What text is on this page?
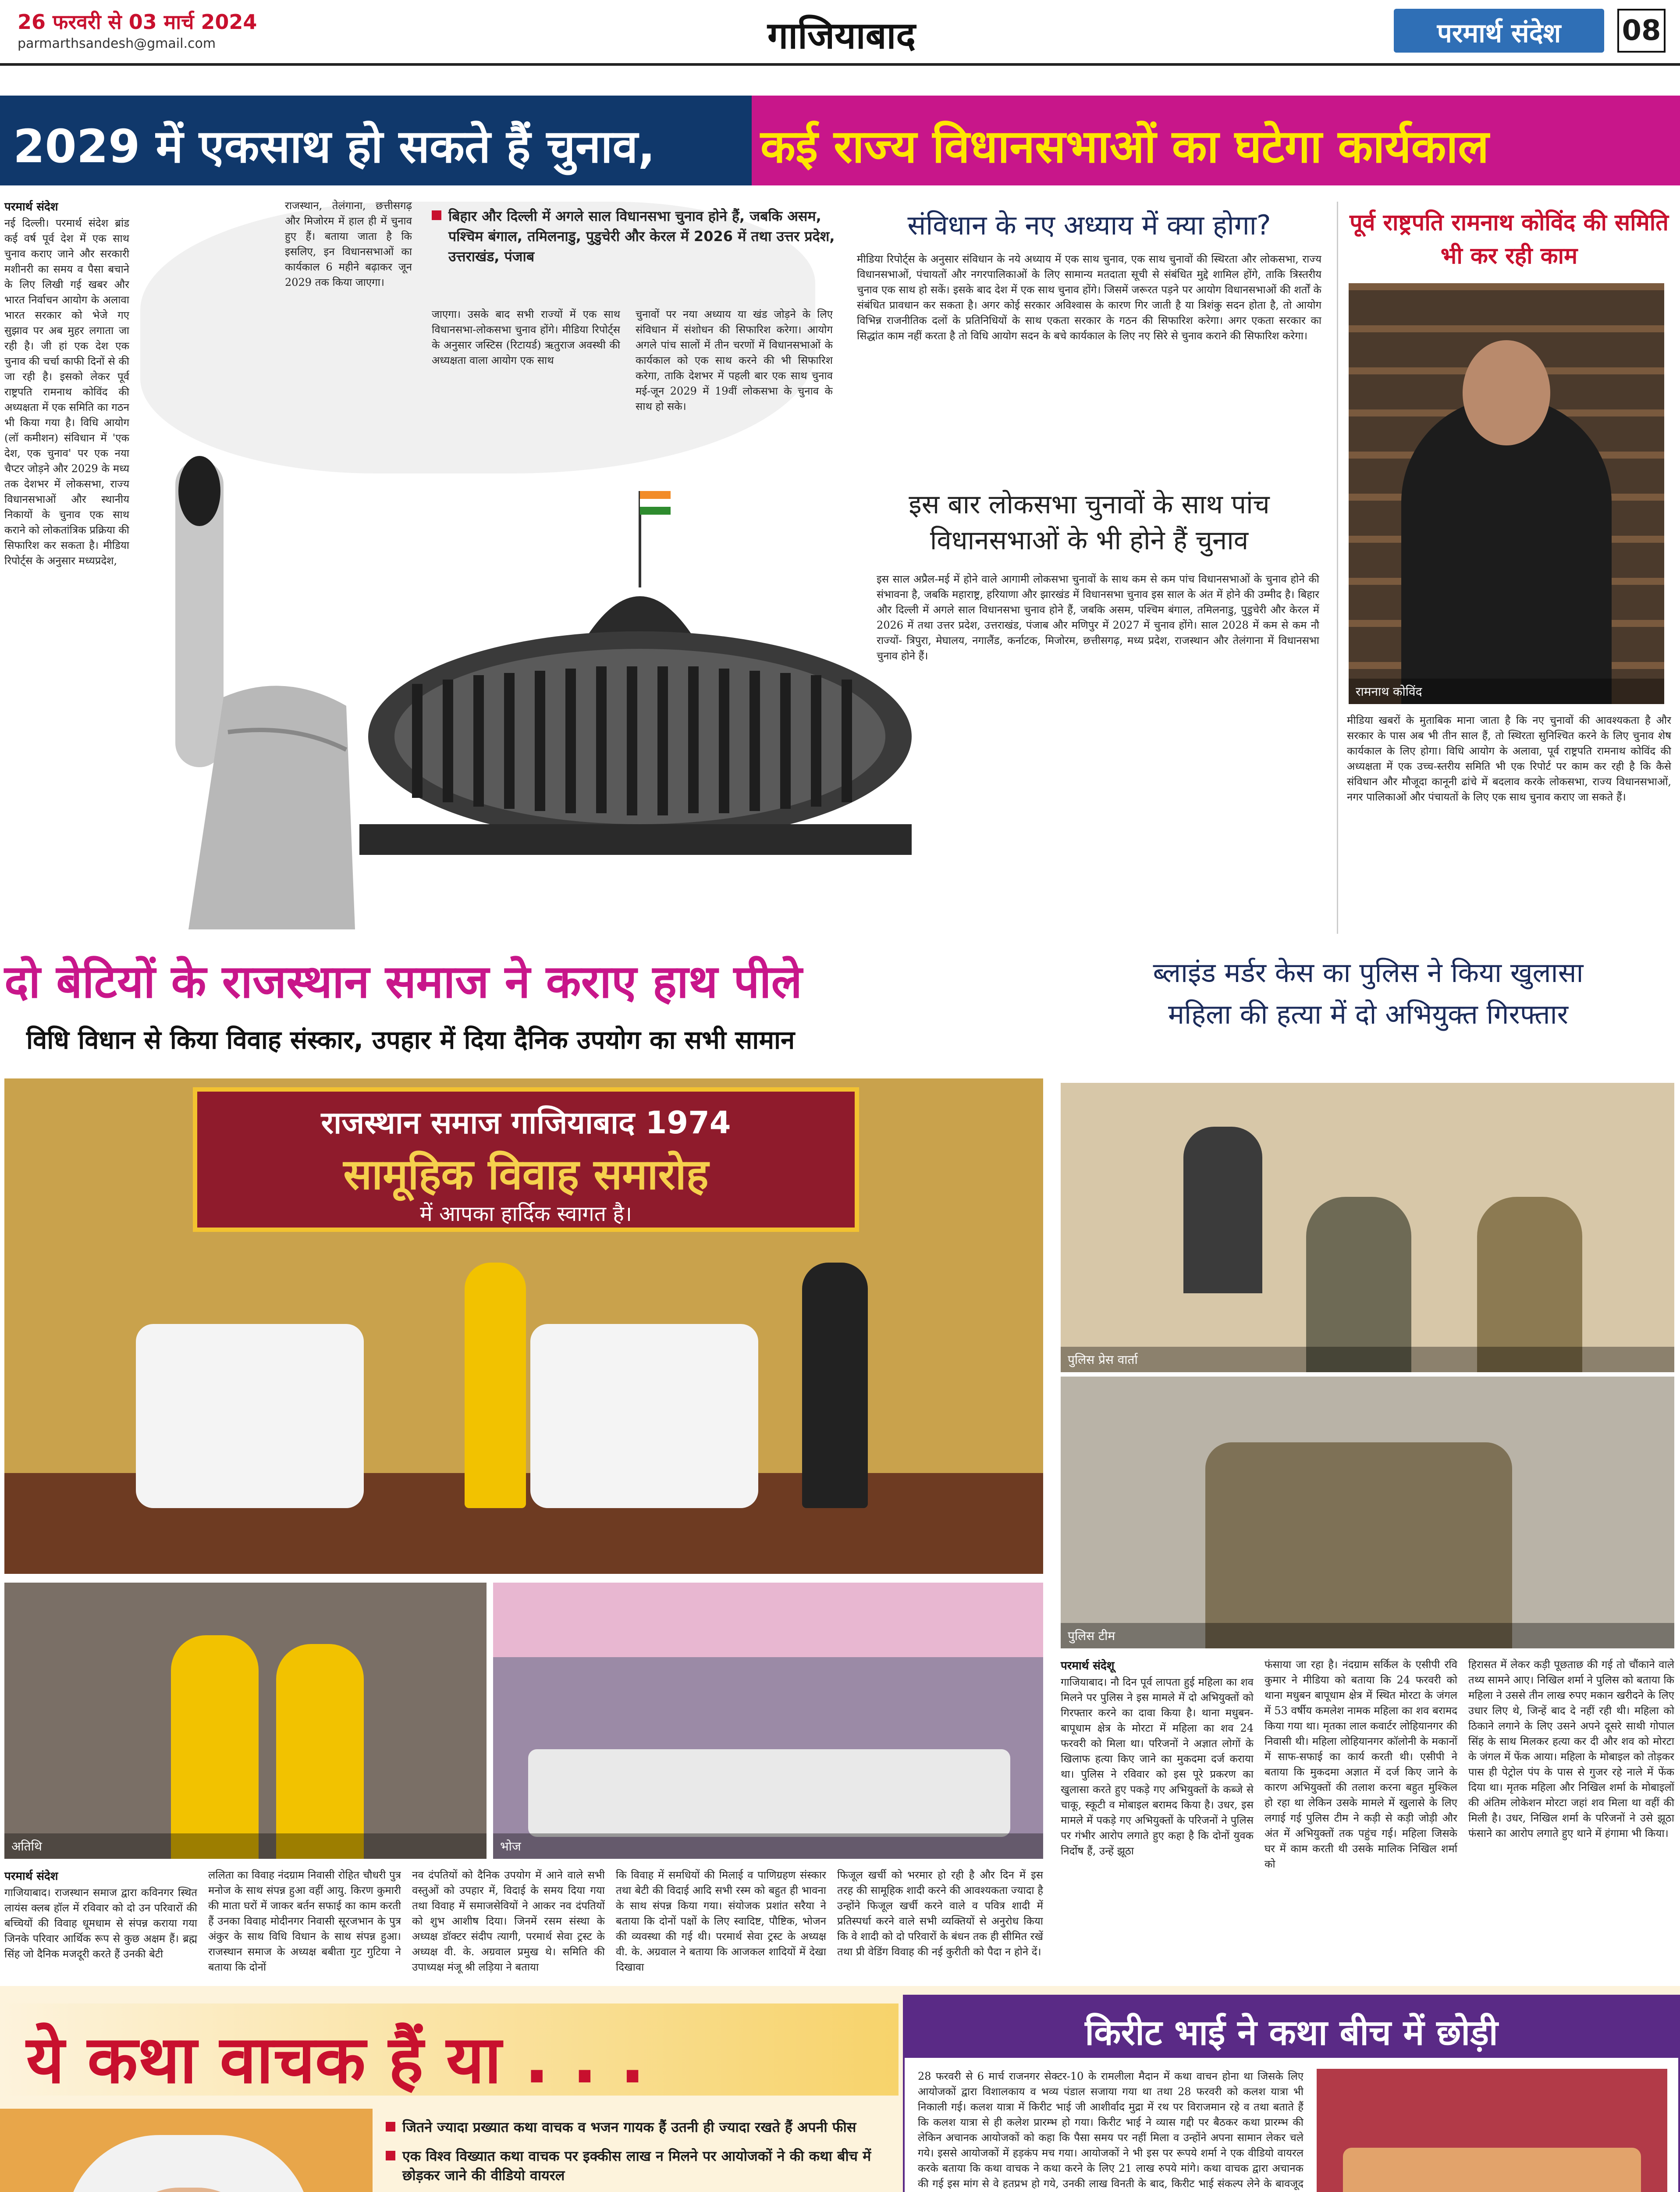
26 फरवरी से 03 मार्च 2024
parmarthsandesh@gmail.com	गाजियाबाद	परमार्थ संदेश	08
2029 में एकसाथ हो सकते हैं चुनाव, कई राज्य विधानसभाओं का घटेगा कार्यकाल
परमार्थ संदेश
नई दिल्ली। परमार्थ संदेश ब्रांड कई वर्ष पूर्व देश में एक साथ चुनाव कराए जाने और सरकारी मशीनरी का समय व पैसा बचाने के लिए लिखी गई खबर और भारत निर्वाचन आयोग के अलावा भारत सरकार को भेजे गए सुझाव पर अब मुहर लगाता जा रही है। जी हां एक देश एक चुनाव की चर्चा काफी दिनों से की जा रही है। इसको लेकर पूर्व राष्ट्रपति रामनाथ कोविंद की अध्यक्षता में एक समिति का गठन भी किया गया है। विधि आयोग (लॉ कमीशन) संविधान में 'एक देश, एक चुनाव' पर एक नया चैप्टर जोड़ने और 2029 के मध्य तक देशभर में लोकसभा, राज्य विधानसभाओं और स्थानीय निकायों के चुनाव एक साथ कराने को लोकतांत्रिक प्रक्रिया की सिफारिश कर सकता है। मीडिया रिपोर्ट्स के अनुसार मध्यप्रदेश,
राजस्थान, तेलंगाना, छत्तीसगढ़ और मिजोरम में हाल ही में चुनाव हुए हैं। बताया जाता है कि इसलिए, इन विधानसभाओं का कार्यकाल 6 महीने बढ़ाकर जून 2029 तक किया जाएगा।
बिहार और दिल्ली में अगले साल विधानसभा चुनाव होने हैं, जबकि असम, पश्चिम बंगाल, तमिलनाडु, पुडुचेरी और केरल में 2026 में तथा उत्तर प्रदेश, उत्तराखंड, पंजाब
जाएगा। उसके बाद सभी राज्यों में एक साथ विधानसभा-लोकसभा चुनाव होंगे। मीडिया रिपोर्ट्स के अनुसार जस्टिस (रिटायर्ड) ऋतुराज अवस्थी की अध्यक्षता वाला आयोग एक साथ
चुनावों पर नया अध्याय या खंड जोड़ने के लिए संविधान में संशोधन की सिफारिश करेगा। आयोग अगले पांच सालों में तीन चरणों में विधानसभाओं के कार्यकाल को एक साथ करने की भी सिफारिश करेगा, ताकि देशभर में पहली बार एक साथ चुनाव मई-जून 2029 में 19वीं लोकसभा के चुनाव के साथ हो सके।
संविधान के नए अध्याय में क्या होगा?
मीडिया रिपोर्ट्स के अनुसार संविधान के नये अध्याय में एक साथ चुनाव, एक साथ चुनावों की स्थिरता और लोकसभा, राज्य विधानसभाओं, पंचायतों और नगरपालिकाओं के लिए सामान्य मतदाता सूची से संबंधित मुद्दे शामिल होंगे, ताकि त्रिस्तरीय चुनाव एक साथ हो सकें। इसके बाद देश में एक साथ चुनाव होंगे। जिसमें जरूरत पड़ने पर आयोग विधानसभाओं की शर्तों के संबंधित प्रावधान कर सकता है। अगर कोई सरकार अविश्वास के कारण गिर जाती है या त्रिशंकु सदन होता है, तो आयोग विभिन्न राजनीतिक दलों के प्रतिनिधियों के साथ एकता सरकार के गठन की सिफारिश करेगा। अगर एकता सरकार का सिद्धांत काम नहीं करता है तो विधि आयोग सदन के बचे कार्यकाल के लिए नए सिरे से चुनाव कराने की सिफारिश करेगा।
इस बार लोकसभा चुनावों के साथ पांच विधानसभाओं के भी होने हैं चुनाव
इस साल अप्रैल-मई में होने वाले आगामी लोकसभा चुनावों के साथ कम से कम पांच विधानसभाओं के चुनाव होने की संभावना है, जबकि महाराष्ट्र, हरियाणा और झारखंड में विधानसभा चुनाव इस साल के अंत में होने की उम्मीद है। बिहार और दिल्ली में अगले साल विधानसभा चुनाव होने हैं, जबकि असम, पश्चिम बंगाल, तमिलनाडु, पुडुचेरी और केरल में 2026 में तथा उत्तर प्रदेश, उत्तराखंड, पंजाब और मणिपुर में 2027 में चुनाव होंगे। साल 2028 में कम से कम नौ राज्यों- त्रिपुरा, मेघालय, नगालैंड, कर्नाटक, मिजोरम, छत्तीसगढ़, मध्य प्रदेश, राजस्थान और तेलंगाना में विधानसभा चुनाव होने हैं।
पूर्व राष्ट्रपति रामनाथ कोविंद की समिति भी कर रही काम
रामनाथ कोविंद
मीडिया खबरों के मुताबिक माना जाता है कि नए चुनावों की आवश्यकता है और सरकार के पास अब भी तीन साल हैं, तो स्थिरता सुनिश्चित करने के लिए चुनाव शेष कार्यकाल के लिए होगा। विधि आयोग के अलावा, पूर्व राष्ट्रपति रामनाथ कोविंद की अध्यक्षता में एक उच्च-स्तरीय समिति भी एक रिपोर्ट पर काम कर रही है कि कैसे संविधान और मौजूदा कानूनी ढांचे में बदलाव करके लोकसभा, राज्य विधानसभाओं, नगर पालिकाओं और पंचायतों के लिए एक साथ चुनाव कराए जा सकते हैं।
दो बेटियों के राजस्थान समाज ने कराए हाथ पीले
विधि विधान से किया विवाह संस्कार, उपहार में दिया दैनिक उपयोग का सभी सामान
राजस्थान समाज गाजियाबाद 1974
सामूहिक विवाह समारोह
में आपका हार्दिक स्वागत है।
अतिथि	भोज
परमार्थ संदेश
गाजियाबाद। राजस्थान समाज द्वारा कविनगर स्थित लायंस क्लब हॉल में रविवार को दो उन परिवारों की बच्चियों की विवाह धूमधाम से संपन्न कराया गया जिनके परिवार आर्थिक रूप से कुछ अक्षम हैं। ब्रह्म सिंह जो दैनिक मजदूरी करते हैं उनकी बेटी
ललिता का विवाह नंदग्राम निवासी रोहित चौधरी पुत्र मनोज के साथ संपन्न हुआ वहीं आयु. किरण कुमारी की माता घरों में जाकर बर्तन सफाई का काम करती हैं उनका विवाह मोदीनगर निवासी सूरजभान के पुत्र अंकुर के साथ विधि विधान के साथ संपन्न हुआ। राजस्थान समाज के अध्यक्ष बबीता गुट गुटिया ने बताया कि दोनों
नव दंपतियों को दैनिक उपयोग में आने वाले सभी वस्तुओं को उपहार में, विदाई के समय दिया गया तथा विवाह में समाजसेवियों ने आकर नव दंपतियों को शुभ आशीष दिया। जिनमें रसम संस्था के अध्यक्ष डॉक्टर संदीप त्यागी, परमार्थ सेवा ट्रस्ट के अध्यक्ष वी. के. अग्रवाल प्रमुख थे। समिति की उपाध्यक्ष मंजू श्री लड़िया ने बताया
कि विवाह में समधियों की मिलाई व पाणिग्रहण संस्कार तथा बेटी की विदाई आदि सभी रस्म को बहुत ही भावना के साथ संपन्न किया गया। संयोजक प्रशांत सरैया ने बताया कि दोनों पक्षों के लिए स्वादिष्ट, पौष्टिक, भोजन की व्यवस्था की गई थी। परमार्थ सेवा ट्रस्ट के अध्यक्ष वी. के. अग्रवाल ने बताया कि आजकल शादियों में देखा दिखावा
फिजूल खर्ची को भरमार हो रही है और दिन में इस तरह की सामूहिक शादी करने की आवश्यकता ज्यादा है उन्होंने फिजूल खर्ची करने वाले व पवित्र शादी में प्रतिस्पर्धा करने वाले सभी व्यक्तियों से अनुरोध किया कि वे शादी को दो परिवारों के बंधन तक ही सीमित रखें तथा प्री वेडिंग विवाह की नई कुरीती को पैदा न होने दें।
ब्लाइंड मर्डर केस का पुलिस ने किया खुलासा
महिला की हत्या में दो अभियुक्त गिरफ्तार
पुलिस प्रेस वार्ता
पुलिस टीम
परमार्थ संदेशू
गाजियाबाद। नौ दिन पूर्व लापता हुई महिला का शव मिलने पर पुलिस ने इस मामले में दो अभियुक्तों को गिरफ्तार करने का दावा किया है। थाना मधुबन-बापूधाम क्षेत्र के मोरटा में महिला का शव 24 फरवरी को मिला था। परिजनों ने अज्ञात लोगों के खिलाफ हत्या किए जाने का मुकदमा दर्ज कराया था। पुलिस ने रविवार को इस पूरे प्रकरण का खुलासा करते हुए पकड़े गए अभियुक्तों के कब्जे से चाकू, स्कूटी व मोबाइल बरामद किया है। उधर, इस मामले में पकड़े गए अभियुक्तों के परिजनों ने पुलिस पर गंभीर आरोप लगाते हुए कहा है कि दोनों युवक निर्दोष हैं, उन्हें झूठा
फंसाया जा रहा है। नंदग्राम सर्किल के एसीपी रवि कुमार ने मीडिया को बताया कि 24 फरवरी को थाना मधुबन बापूधाम क्षेत्र में स्थित मोरटा के जंगल में 53 वर्षीय कमलेश नामक महिला का शव बरामद किया गया था। मृतका लाल कवार्टर लोहियानगर की निवासी थी। महिला लोहियानगर कॉलोनी के मकानों में साफ-सफाई का कार्य करती थी। एसीपी ने बताया कि मुकदमा अज्ञात में दर्ज किए जाने के कारण अभियुक्तों की तलाश करना बहुत मुश्किल हो रहा था लेकिन उसके मामले में खुलासे के लिए लगाई गई पुलिस टीम ने कड़ी से कड़ी जोड़ी और अंत में अभियुक्तों तक पहुंच गई। महिला जिसके घर में काम करती थी उसके मालिक निखिल शर्मा को
हिरासत में लेकर कड़ी पूछताछ की गई तो चौंकाने वाले तथ्य सामने आए। निखिल शर्मा ने पुलिस को बताया कि महिला ने उससे तीन लाख रुपए मकान खरीदने के लिए उधार लिए थे, जिन्हें बाद दे नहीं रही थी। महिला को ठिकाने लगाने के लिए उसने अपने दूसरे साथी गोपाल सिंह के साथ मिलकर हत्या कर दी और शव को मोरटा के जंगल में फेंक आया। महिला के मोबाइल को तोड़कर पास ही पेट्रोल पंप के पास से गुजर रहे नाले में फेंक दिया था। मृतक महिला और निखिल शर्मा के मोबाइलों की अंतिम लोकेशन मोरटा जहां शव मिला था वहीं की मिली है। उधर, निखिल शर्मा के परिजनों ने उसे झूठा फंसाने का आरोप लगाते हुए थाने में हंगामा भी किया।
ये कथा वाचक हैं या . . .
जितने ज्यादा प्रख्यात कथा वाचक व भजन गायक हैं उतनी ही ज्यादा रखते हैं अपनी फीस
एक विश्व विख्यात कथा वाचक पर इक्कीस लाख न मिलने पर आयोजकों ने की कथा बीच में छोड़कर जाने की वीडियो वायरल
किरीट भाई ने कथा बीच में छोड़ी
28 फरवरी से 6 मार्च राजनगर सेक्टर-10 के रामलीला मैदान में कथा वाचन होना था जिसके लिए आयोजकों द्वारा विशालकाय व भव्य पंडाल सजाया गया था तथा 28 फरवरी को कलश यात्रा भी निकाली गई। कलश यात्रा में किरीट भाई जी आशीर्वाद मुद्रा में रथ पर विराजमान रहे व तथा बताते हैं कि कलश यात्रा से ही कलेश प्रारम्भ हो गया। किरीट भाई ने व्यास गद्दी पर बैठकर कथा प्रारम्भ की लेकिन अचानक आयोजकों को कहा कि पैसा समय पर नहीं मिला व उन्होंने अपना सामान लेकर चले गये। इससे आयोजकों में हड़कंप मच गया। आयोजकों ने भी इस पर रूपये शर्मा ने एक वीडियो वायरल करके बताया कि कथा वाचक ने कथा करने के लिए 21 लाख रुपये मांगे। कथा वाचक द्वारा अचानक की गई इस मांग से वे हतप्रभ हो गये, उनकी लाख विनती के बाद, किरीट भाई संकल्प लेने के बावजूद
